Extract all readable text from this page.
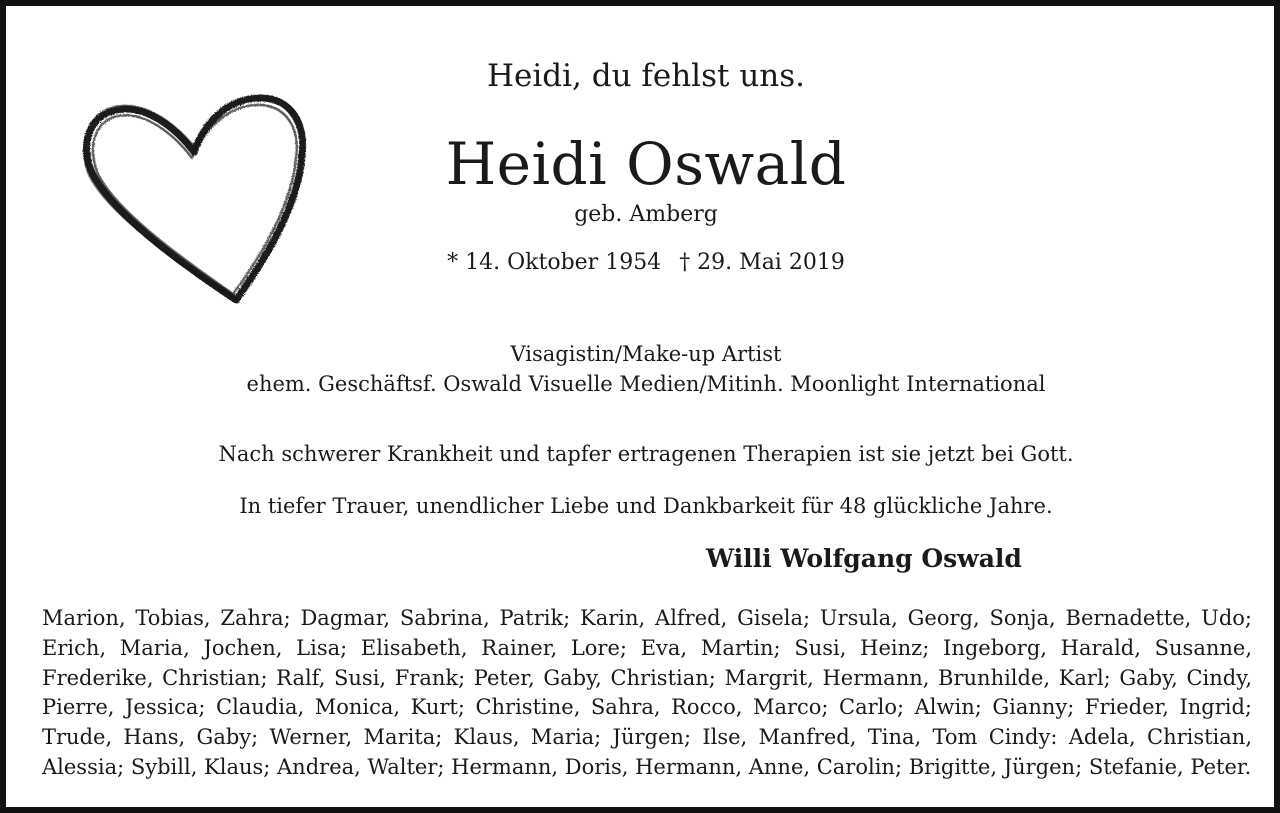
Heidi, du fehlst uns.
Heidi Oswald
geb. Amberg
* 14. Oktober 1954 † 29. Mai 2019
Visagistin/Make-up Artist
ehem. Geschäftsf. Oswald Visuelle Medien/Mitinh. Moonlight International
Nach schwerer Krankheit und tapfer ertragenen Therapien ist sie jetzt bei Gott.
In tiefer Trauer, unendlicher Liebe und Dankbarkeit für 48 glückliche Jahre.
Willi Wolfgang Oswald
Marion, Tobias, Zahra; Dagmar, Sabrina, Patrik; Karin, Alfred, Gisela; Ursula, Georg, Sonja, Bernadette, Udo; Erich, Maria, Jochen, Lisa; Elisabeth, Rainer, Lore; Eva, Martin; Susi, Heinz; Ingeborg, Harald, Susanne, Frederike, Christian; Ralf, Susi, Frank; Peter, Gaby, Christian; Margrit, Hermann, Brunhilde, Karl; Gaby, Cindy, Pierre, Jessica; Claudia, Monica, Kurt; Christine, Sahra, Rocco, Marco; Carlo; Alwin; Gianny; Frieder, Ingrid; Trude, Hans, Gaby; Werner, Marita; Klaus, Maria; Jürgen; Ilse, Manfred, Tina, Tom Cindy: Adela, Christian, Alessia; Sybill, Klaus; Andrea, Walter; Hermann, Doris, Hermann, Anne, Carolin; Brigitte, Jürgen; Stefanie, Peter.
